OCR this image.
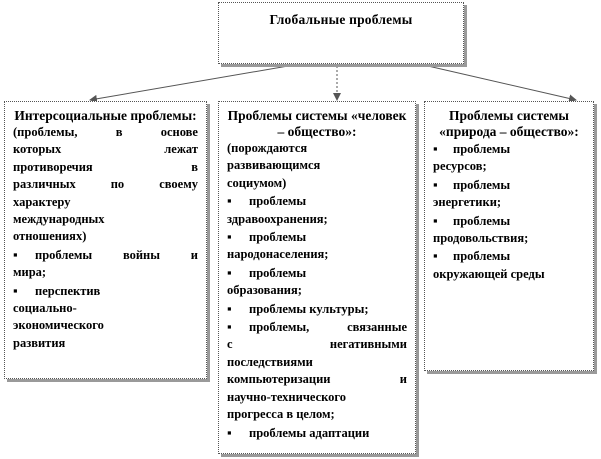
Глобальные проблемы
Интерсоциальные проблемы:
(проблемы, в основе
которых лежат
противоречия в
различных по своему
характеру
международных
отношениях)
▪ проблемы войны и
мира;
▪ перспектив
социально-
экономического
развития
Проблемы системы «человек – общество»:
(порождаются
развивающимся
социумом)
▪ проблемы
здравоохранения;
▪ проблемы
народонаселения;
▪ проблемы
образования;
▪ проблемы культуры;
▪ проблемы, связанные
с негативными
последствиями
компьютеризации и
научно-технического
прогресса в целом;
▪ проблемы адаптации
Проблемы системы «природа – общество»:
▪ проблемы
ресурсов;
▪ проблемы
энергетики;
▪ проблемы
продовольствия;
▪ проблемы
окружающей среды
